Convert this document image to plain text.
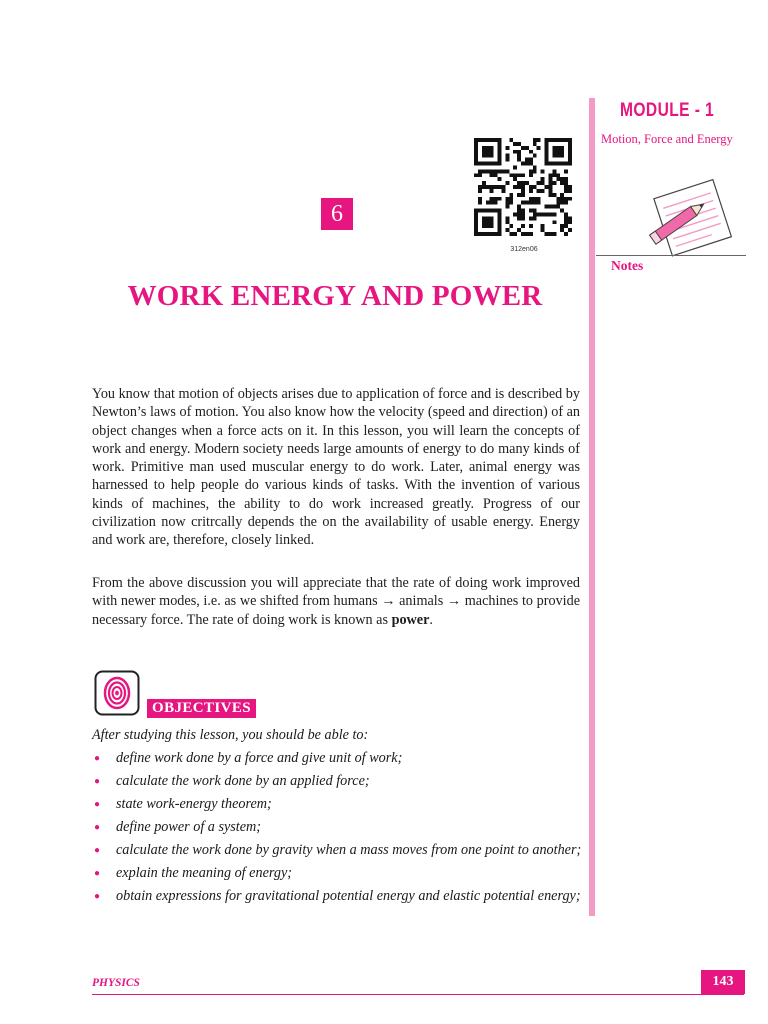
MODULE - 1
Motion, Force and Energy
Notes
312en06
6
WORK ENERGY AND POWER

You know that motion of objects arises due to application of force and is described by Newton’s laws of motion. You also know how the velocity (speed and direction) of an object changes when a force acts on it. In this lesson, you will learn the concepts of work and energy. Modern society needs large amounts of energy to do many kinds of work. Primitive man used muscular energy to do work. Later, animal energy was harnessed to help people do various kinds of tasks. With the invention of various kinds of machines, the ability to do work increased greatly. Progress of our civilization now critrcally depends the on the availability of usable energy. Energy and work are, therefore, closely linked.

From the above discussion you will appreciate that the rate of doing work improved with newer modes, i.e. as we shifted from humans → animals → machines to provide necessary force. The rate of doing work is known as power.

OBJECTIVES
After studying this lesson, you should be able to:
● define work done by a force and give unit of work;
● calculate the work done by an applied force;
● state work-energy theorem;
● define power of a system;
● calculate the work done by gravity when a mass moves from one point to another;
● explain the meaning of energy;
● obtain expressions for gravitational potential energy and elastic potential energy;
PHYSICS	143
